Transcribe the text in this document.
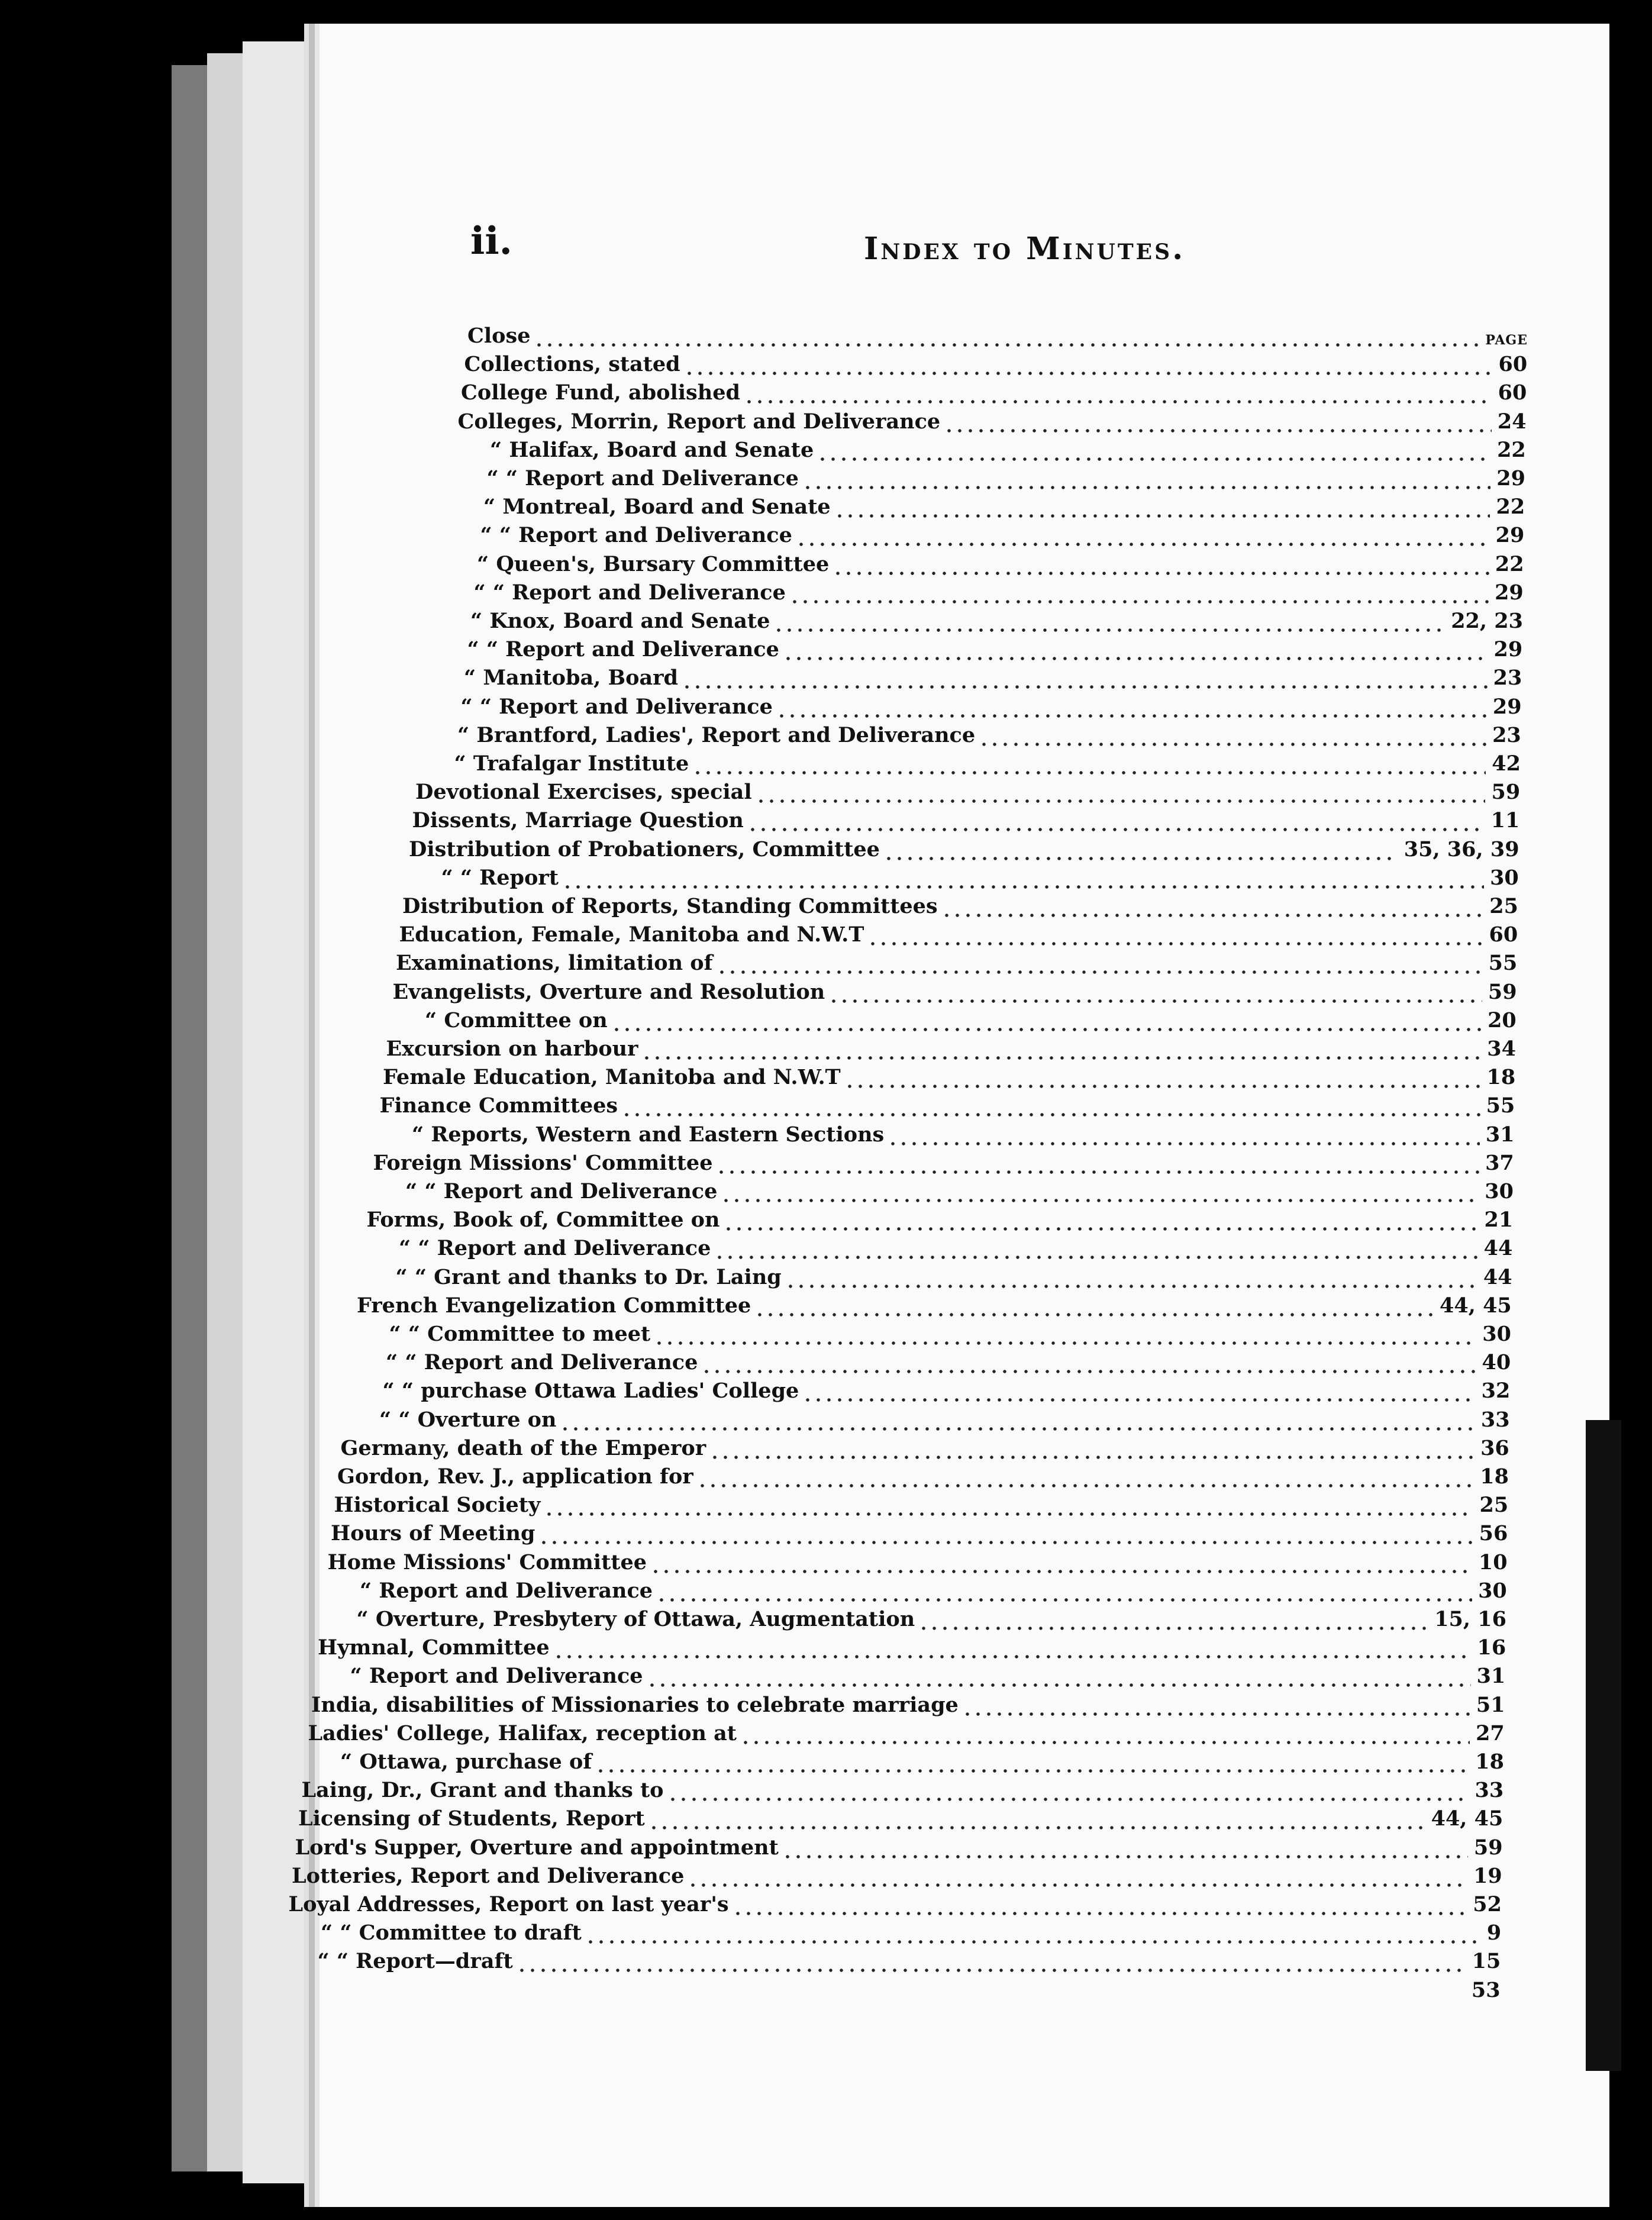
ii.	Index to Minutes.
Close	PAGE
Collections, stated	60
College Fund, abolished	60
Colleges, Morrin, Report and Deliverance	24
“ Halifax, Board and Senate	22
“ “ Report and Deliverance	29
“ Montreal, Board and Senate	22
“ “ Report and Deliverance	29
“ Queen's, Bursary Committee	22
“ “ Report and Deliverance	29
“ Knox, Board and Senate	22, 23
“ “ Report and Deliverance	29
“ Manitoba, Board	23
“ “ Report and Deliverance	29
“ Brantford, Ladies', Report and Deliverance	23
“ Trafalgar Institute	42
Devotional Exercises, special	59
Dissents, Marriage Question	11
Distribution of Probationers, Committee	35, 36, 39
“ “ Report	30
Distribution of Reports, Standing Committees	25
Education, Female, Manitoba and N.W.T	60
Examinations, limitation of	55
Evangelists, Overture and Resolution	59
“ Committee on	20
Excursion on harbour	34
Female Education, Manitoba and N.W.T	18
Finance Committees	55
“ Reports, Western and Eastern Sections	31
Foreign Missions' Committee	37
“ “ Report and Deliverance	30
Forms, Book of, Committee on	21
“ “ Report and Deliverance	44
“ “ Grant and thanks to Dr. Laing	44
French Evangelization Committee	44, 45
“ “ Committee to meet	30
“ “ Report and Deliverance	40
“ “ purchase Ottawa Ladies' College	32
“ “ Overture on	33
Germany, death of the Emperor	36
Gordon, Rev. J., application for	18
Historical Society	25
Hours of Meeting	56
Home Missions' Committee	10
“ Report and Deliverance	30
“ Overture, Presbytery of Ottawa, Augmentation	15, 16
Hymnal, Committee	16
“ Report and Deliverance	31
India, disabilities of Missionaries to celebrate marriage	51
Ladies' College, Halifax, reception at	27
“ Ottawa, purchase of	18
Laing, Dr., Grant and thanks to	33
Licensing of Students, Report	44, 45
Lord's Supper, Overture and appointment	59
Lotteries, Report and Deliverance	19
Loyal Addresses, Report on last year's	52
“ “ Committee to draft	9
“ “ Report—draft	15
53
